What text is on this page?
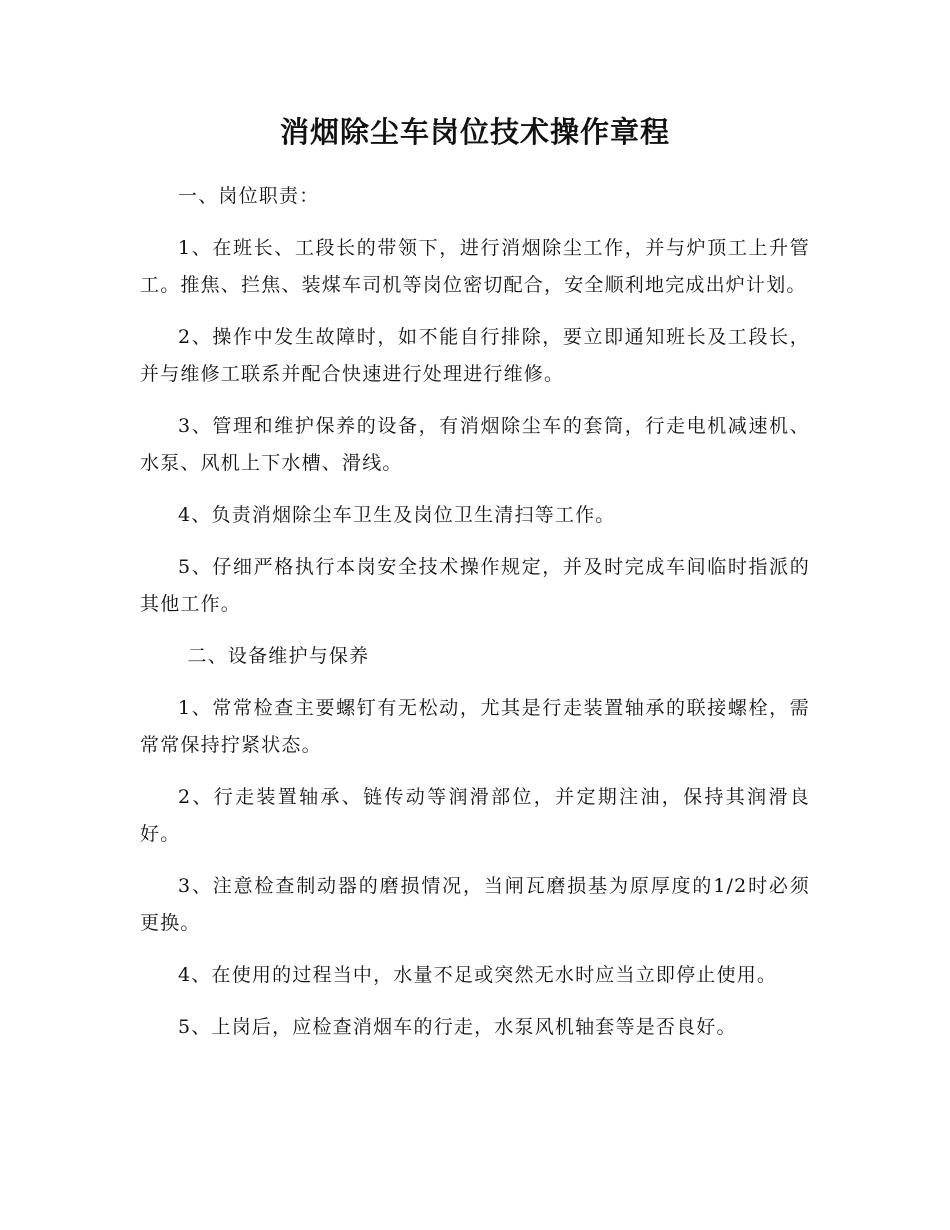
消烟除尘车岗位技术操作章程
一、岗位职责：

1、在班长、工段长的带领下，进行消烟除尘工作，并与炉顶工上升管工。推焦、拦焦、装煤车司机等岗位密切配合，安全顺利地完成出炉计划。

2、操作中发生故障时，如不能自行排除，要立即通知班长及工段长，并与维修工联系并配合快速进行处理进行维修。

3、管理和维护保养的设备，有消烟除尘车的套筒，行走电机减速机、水泵、风机上下水槽、滑线。

4、负责消烟除尘车卫生及岗位卫生清扫等工作。

5、仔细严格执行本岗安全技术操作规定，并及时完成车间临时指派的其他工作。

二、设备维护与保养

1、常常检查主要螺钉有无松动，尤其是行走装置轴承的联接螺栓，需常常保持拧紧状态。

2、行走装置轴承、链传动等润滑部位，并定期注油，保持其润滑良好。

3、注意检查制动器的磨损情况，当闸瓦磨损基为原厚度的1/2时必须更换。

4、在使用的过程当中，水量不足或突然无水时应当立即停止使用。

5、上岗后，应检查消烟车的行走，水泵风机轴套等是否良好。
